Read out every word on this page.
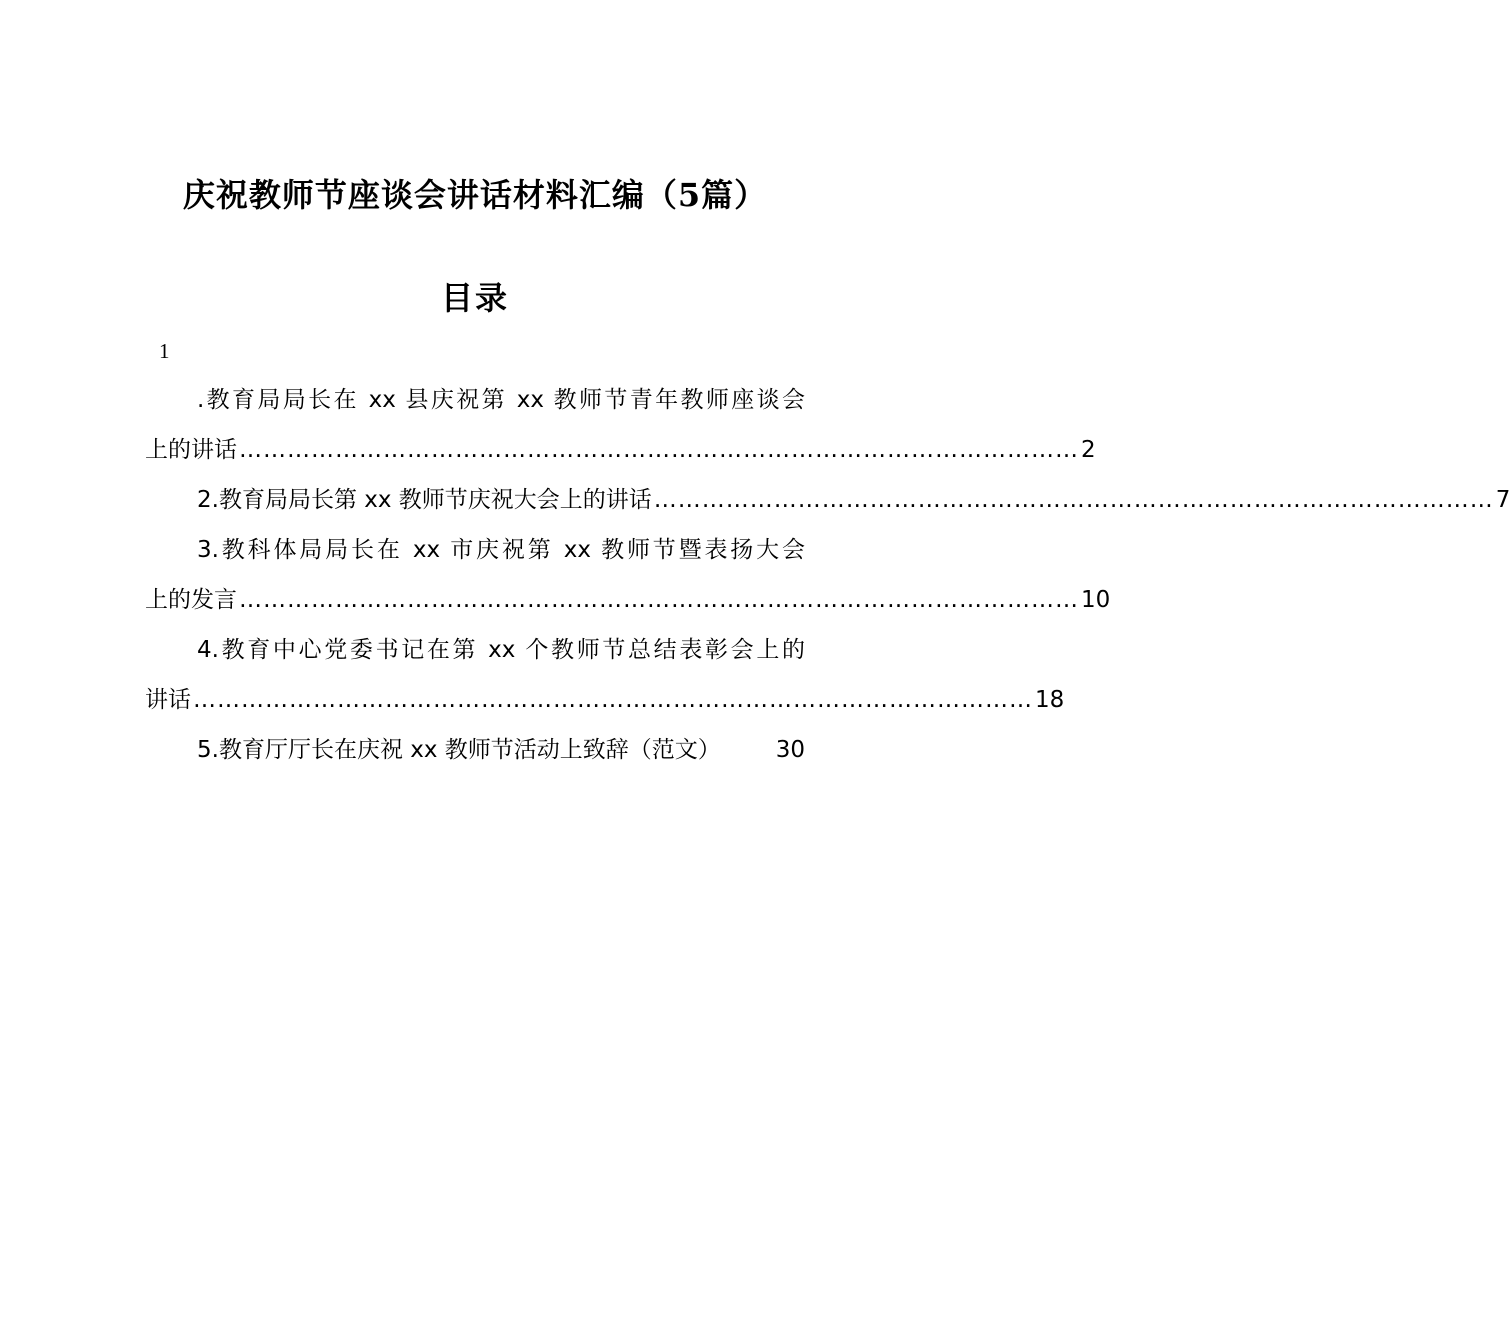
庆祝教师节座谈会讲话材料汇编（5篇）
目录
1
.教育局局长在 xx 县庆祝第 xx 教师节青年教师座谈会
上的讲话 …………………………………………………………………………………………… 2
2.教育局局长第 xx 教师节庆祝大会上的讲话 …………………………………………………………………………………………… 7
3.教科体局局长在 xx 市庆祝第 xx 教师节暨表扬大会
上的发言 …………………………………………………………………………………………… 10
4.教育中心党委书记在第 xx 个教师节总结表彰会上的
讲话 …………………………………………………………………………………………… 18
5.教育厅厅长在庆祝 xx 教师节活动上致辞（范文） 30
